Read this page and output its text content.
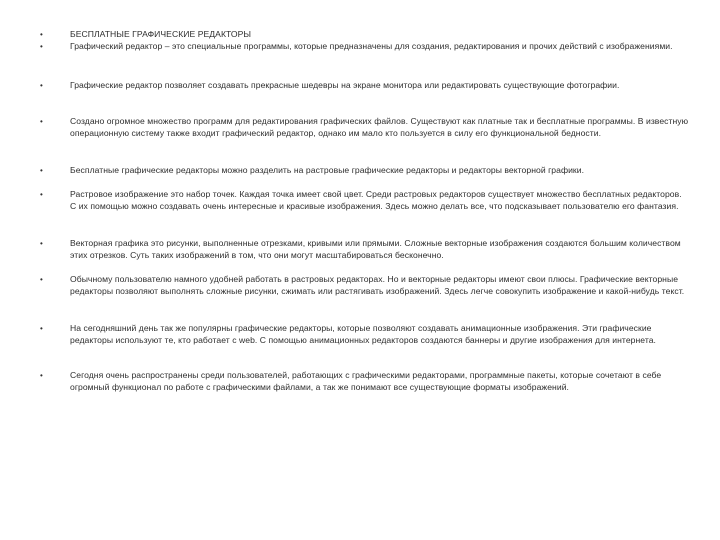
•	БЕСПЛАТНЫЕ ГРАФИЧЕСКИЕ РЕДАКТОРЫ
•	Графический редактор – это специальные программы, которые предназначены для создания, редактирования и прочих действий с изображениями.
•	Графические редактор позволяет создавать прекрасные шедевры на экране монитора или редактировать существующие фотографии.
•	Создано огромное множество программ для редактирования графических файлов. Существуют как платные так и бесплатные программы. В известную операционную систему также входит графический редактор, однако им мало кто пользуется в силу его функциональной бедности.
•	Бесплатные графические редакторы можно разделить на растровые графические редакторы и редакторы векторной графики.
•	Растровое изображение это набор точек. Каждая точка имеет свой цвет. Среди растровых редакторов существует множество бесплатных редакторов. С их помощью можно создавать очень интересные и красивые изображения. Здесь можно делать все, что подсказывает пользователю его фантазия.
•	Векторная графика это рисунки, выполненные отрезками, кривыми или прямыми. Сложные векторные изображения создаются большим количеством этих отрезков. Суть таких изображений в том, что они могут масштабироваться бесконечно.
•	Обычному пользователю намного удобней работать в растровых редакторах. Но и векторные редакторы имеют свои плюсы. Графические векторные редакторы позволяют выполнять сложные рисунки, сжимать или растягивать изображений. Здесь легче совокупить изображение и какой-нибудь текст.
•	На сегодняшний день так же популярны графические редакторы, которые позволяют создавать анимационные изображения. Эти графические редакторы используют те, кто работает с web. С помощью анимационных редакторов создаются баннеры и другие изображения для интернета.
•	Сегодня очень распространены среди пользователей, работающих с графическими редакторами, программные пакеты, которые сочетают в себе огромный функционал по работе с графическими файлами, а так же понимают все существующие форматы изображений.
